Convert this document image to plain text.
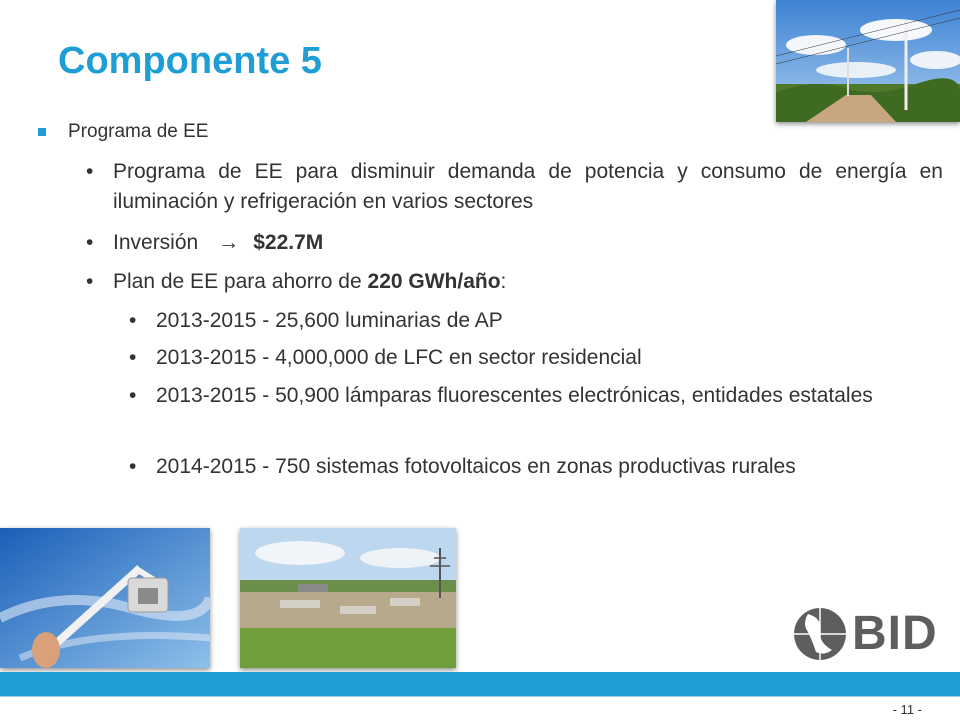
Componente 5
Programa de EE
• Programa de EE para disminuir demanda de potencia y consumo de energía en iluminación y refrigeración en varios sectores
• Inversión → $22.7M
• Plan de EE para ahorro de 220 GWh/año:
• 2013-2015 - 25,600 luminarias de AP
• 2013-2015 - 4,000,000 de LFC en sector residencial
• 2013-2015 - 50,900 lámparas fluorescentes electrónicas, entidades estatales
• 2014-2015 - 750 sistemas fotovoltaicos en zonas productivas rurales
BID
- 11 -
